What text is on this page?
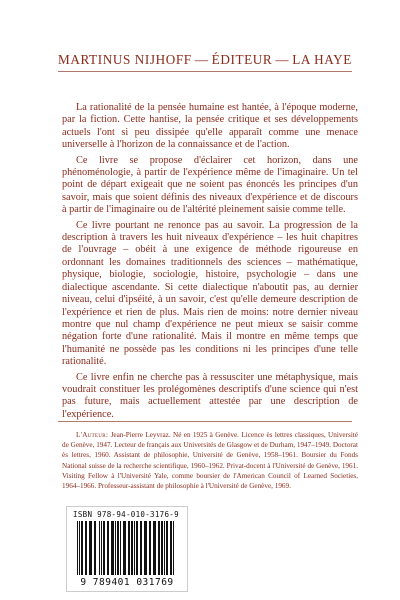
MARTINUS NIJHOFF — ÉDITEUR — LA HAYE

La rationalité de la pensée humaine est hantée, à l'époque moderne, par la fiction. Cette hantise, la pensée critique et ses développements actuels l'ont si peu dissipée qu'elle apparaît comme une menace universelle à l'horizon de la connaissance et de l'action.

Ce livre se propose d'éclairer cet horizon, dans une phénoménologie, à partir de l'expérience même de l'imaginaire. Un tel point de départ exigeait que ne soient pas énoncés les principes d'un savoir, mais que soient définis des niveaux d'expérience et de discours à partir de l'imaginaire ou de l'altérité pleinement saisie comme telle.

Ce livre pourtant ne renonce pas au savoir. La progression de la description à travers les huit niveaux d'expérience – les huit chapitres de l'ouvrage – obéit à une exigence de méthode rigoureuse en ordonnant les domaines traditionnels des sciences – mathématique, physique, biologie, sociologie, histoire, psychologie – dans une dialectique ascendante. Si cette dialectique n'aboutit pas, au dernier niveau, celui d'ipséité, à un savoir, c'est qu'elle demeure description de l'expérience et rien de plus. Mais rien de moins: notre dernier niveau montre que nul champ d'expérience ne peut mieux se saisir comme négation forte d'une rationalité. Mais il montre en même temps que l'humanité ne possède pas les conditions ni les principes d'une telle rationalité.

Ce livre enfin ne cherche pas à ressusciter une métaphysique, mais voudrait constituer les prolégomènes descriptifs d'une science qui n'est pas future, mais actuellement attestée par une description de l'expérience.

L'Auteur: Jean-Pierre Leyvraz. Né en 1925 à Genève. Licence ès lettres classiques, Université de Genève, 1947. Lecteur de français aux Universités de Glasgow et de Durham, 1947–1949. Doctorat ès lettres, 1960. Assistant de philosophie, Université de Genève, 1958–1961. Boursier du Fonds National suisse de la recherche scientifique, 1960–1962. Privat-docent à l'Université de Genève, 1961. Visiting Fellow à l'Université Yale, comme boursier de l'American Council of Learned Societies, 1964–1966. Professeur-assistant de philosophie à l'Université de Genève, 1969.
ISBN 978-94-010-3176-9
9 789401 031769
